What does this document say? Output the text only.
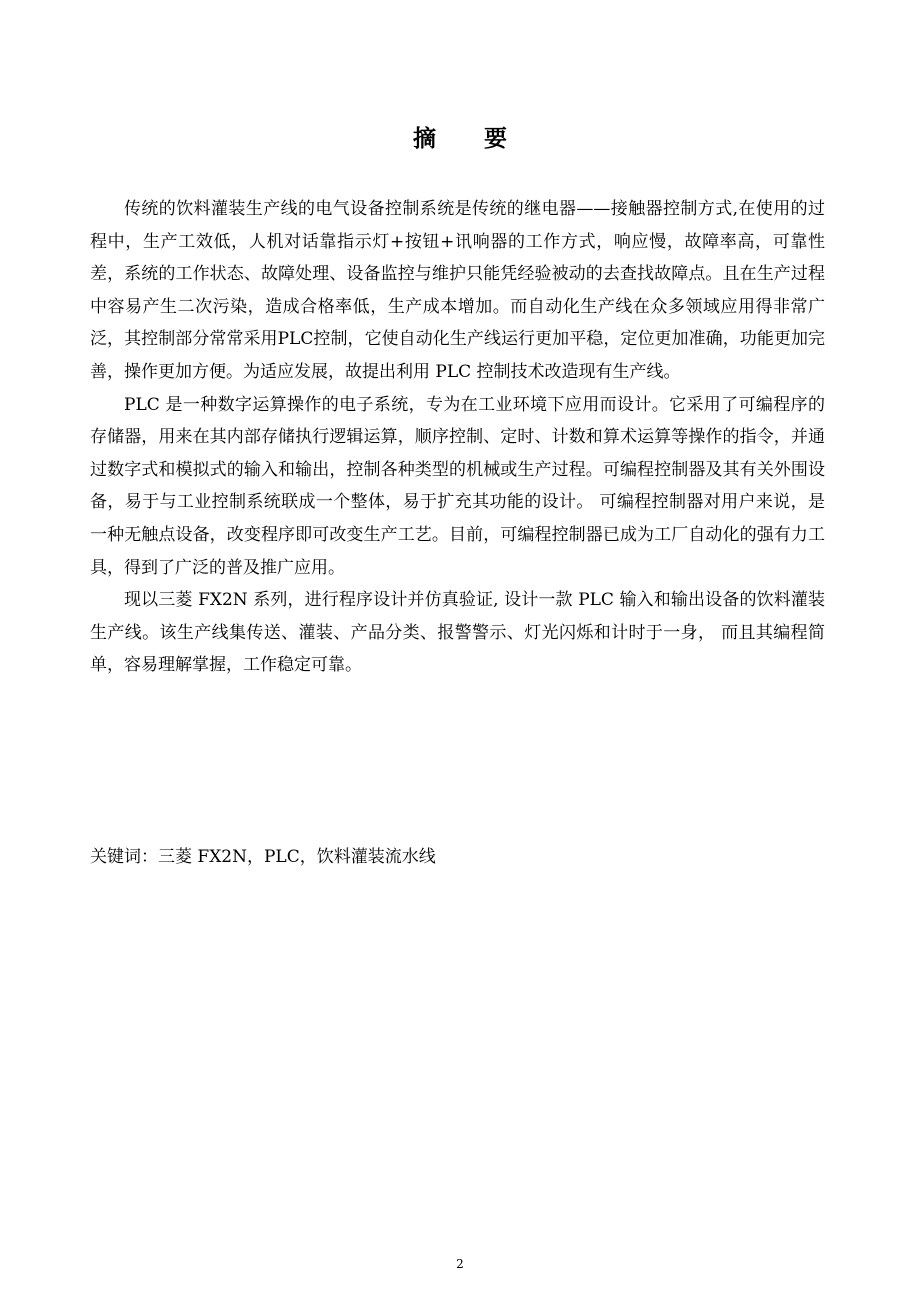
摘 要

传统的饮料灌装生产线的电气设备控制系统是传统的继电器——接触器控制方式,在使用的过程中，生产工效低，人机对话靠指示灯+按钮+讯响器的工作方式，响应慢，故障率高，可靠性差，系统的工作状态、故障处理、设备监控与维护只能凭经验被动的去查找故障点。且在生产过程中容易产生二次污染，造成合格率低，生产成本增加。而自动化生产线在众多领域应用得非常广泛，其控制部分常常采用PLC控制，它使自动化生产线运行更加平稳，定位更加准确，功能更加完善，操作更加方便。为适应发展，故提出利用 PLC 控制技术改造现有生产线。

PLC 是一种数字运算操作的电子系统，专为在工业环境下应用而设计。它采用了可编程序的存储器，用来在其内部存储执行逻辑运算，顺序控制、定时、计数和算术运算等操作的指令，并通过数字式和模拟式的输入和输出，控制各种类型的机械或生产过程。可编程控制器及其有关外围设备，易于与工业控制系统联成一个整体，易于扩充其功能的设计。 可编程控制器对用户来说，是一种无触点设备，改变程序即可改变生产工艺。目前，可编程控制器已成为工厂自动化的强有力工具，得到了广泛的普及推广应用。

现以三菱 FX2N 系列，进行程序设计并仿真验证, 设计一款 PLC 输入和输出设备的饮料灌装生产线。该生产线集传送、灌装、产品分类、报警警示、灯光闪烁和计时于一身， 而且其编程简单，容易理解掌握，工作稳定可靠。

关键词：三菱 FX2N，PLC，饮料灌装流水线
2
